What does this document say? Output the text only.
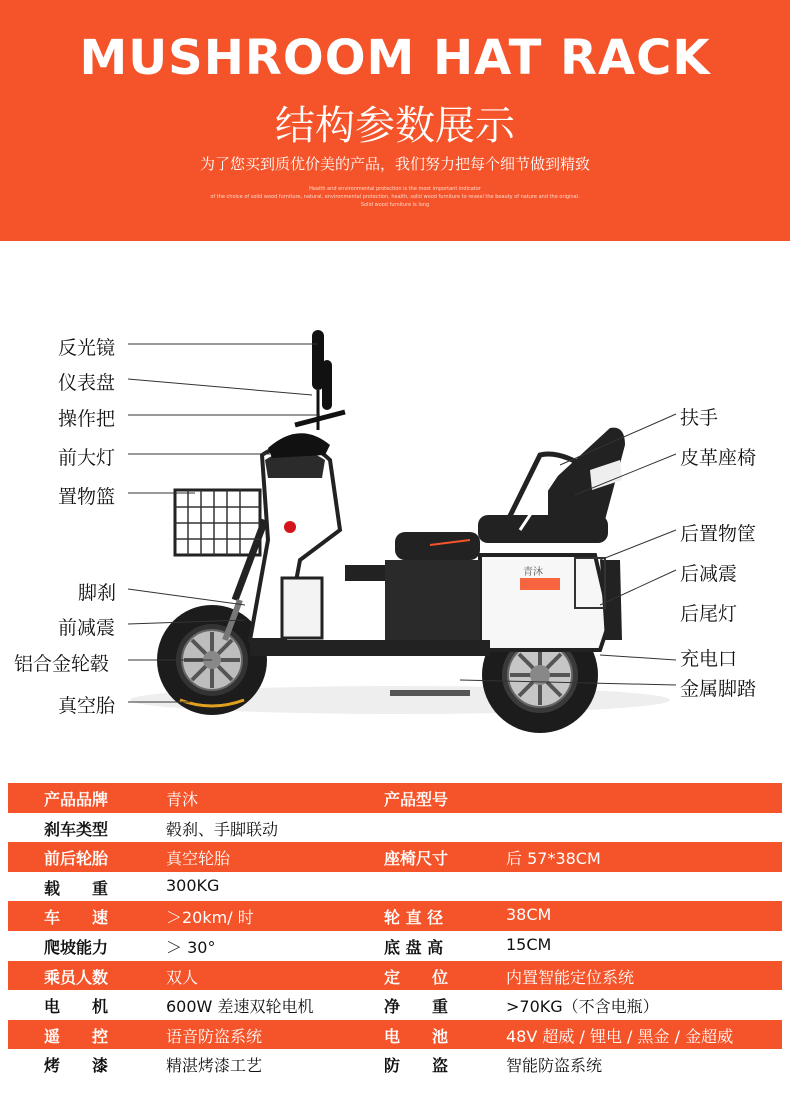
MUSHROOM HAT RACK
结构参数展示
为了您买到质优价美的产品，我们努力把每个细节做到精致
Health and environmental protection is the most important indicator
of the choice of solid wood furniture, natural, environmental protection, health, solid wood furniture to reveal the beauty of nature and the original.
Solid wood furniture is long
青沐
反光镜
仪表盘
操作把
前大灯
置物篮
脚刹
前减震
铝合金轮毂
真空胎
扶手
皮革座椅
后置物筐
后减震
后尾灯
充电口
金属脚踏
产品品牌	青沐	产品型号
刹车类型	毂刹、手脚联动
前后轮胎	真空轮胎	座椅尺寸	后 57*38CM
载　　重	300KG
车　　速	＞20km/ 时	轮 直 径	38CM
爬坡能力	＞ 30°	底 盘 高	15CM
乘员人数	双人	定　　位	内置智能定位系统
电　　机	600W 差速双轮电机	净　　重	>70KG（不含电瓶）
遥　　控	语音防盗系统	电　　池	48V 超威 / 锂电 / 黑金 / 金超威
烤　　漆	精湛烤漆工艺	防　　盗	智能防盗系统
